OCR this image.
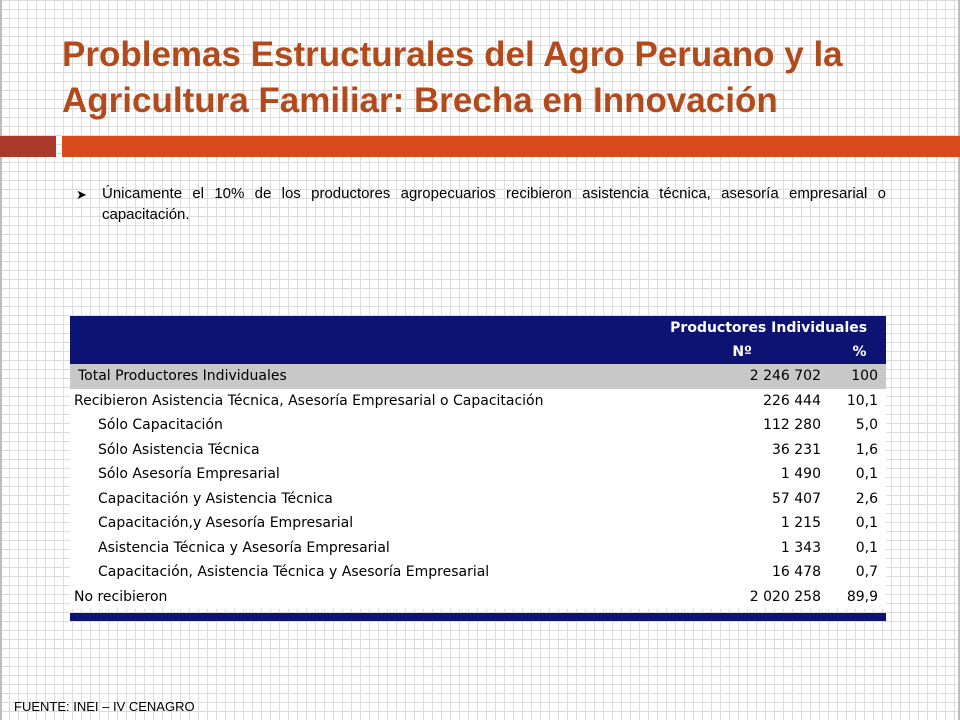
Problemas Estructurales del Agro Peruano y la Agricultura Familiar: Brecha en Innovación
➤ Únicamente el 10% de los productores agropecuarios recibieron asistencia técnica, asesoría empresarial o capacitación.
	Productores Individuales	
	Nº	%
Total Productores Individuales	2 246 702	100
Recibieron Asistencia Técnica, Asesoría Empresarial o Capacitación	226 444	10,1
Sólo Capacitación	112 280	5,0
Sólo Asistencia Técnica	36 231	1,6
Sólo Asesoría Empresarial	1 490	0,1
Capacitación y Asistencia Técnica	57 407	2,6
Capacitación,y Asesoría Empresarial	1 215	0,1
Asistencia Técnica y Asesoría Empresarial	1 343	0,1
Capacitación, Asistencia Técnica y Asesoría Empresarial	16 478	0,7
No recibieron	2 020 258	89,9
FUENTE: INEI – IV CENAGRO
